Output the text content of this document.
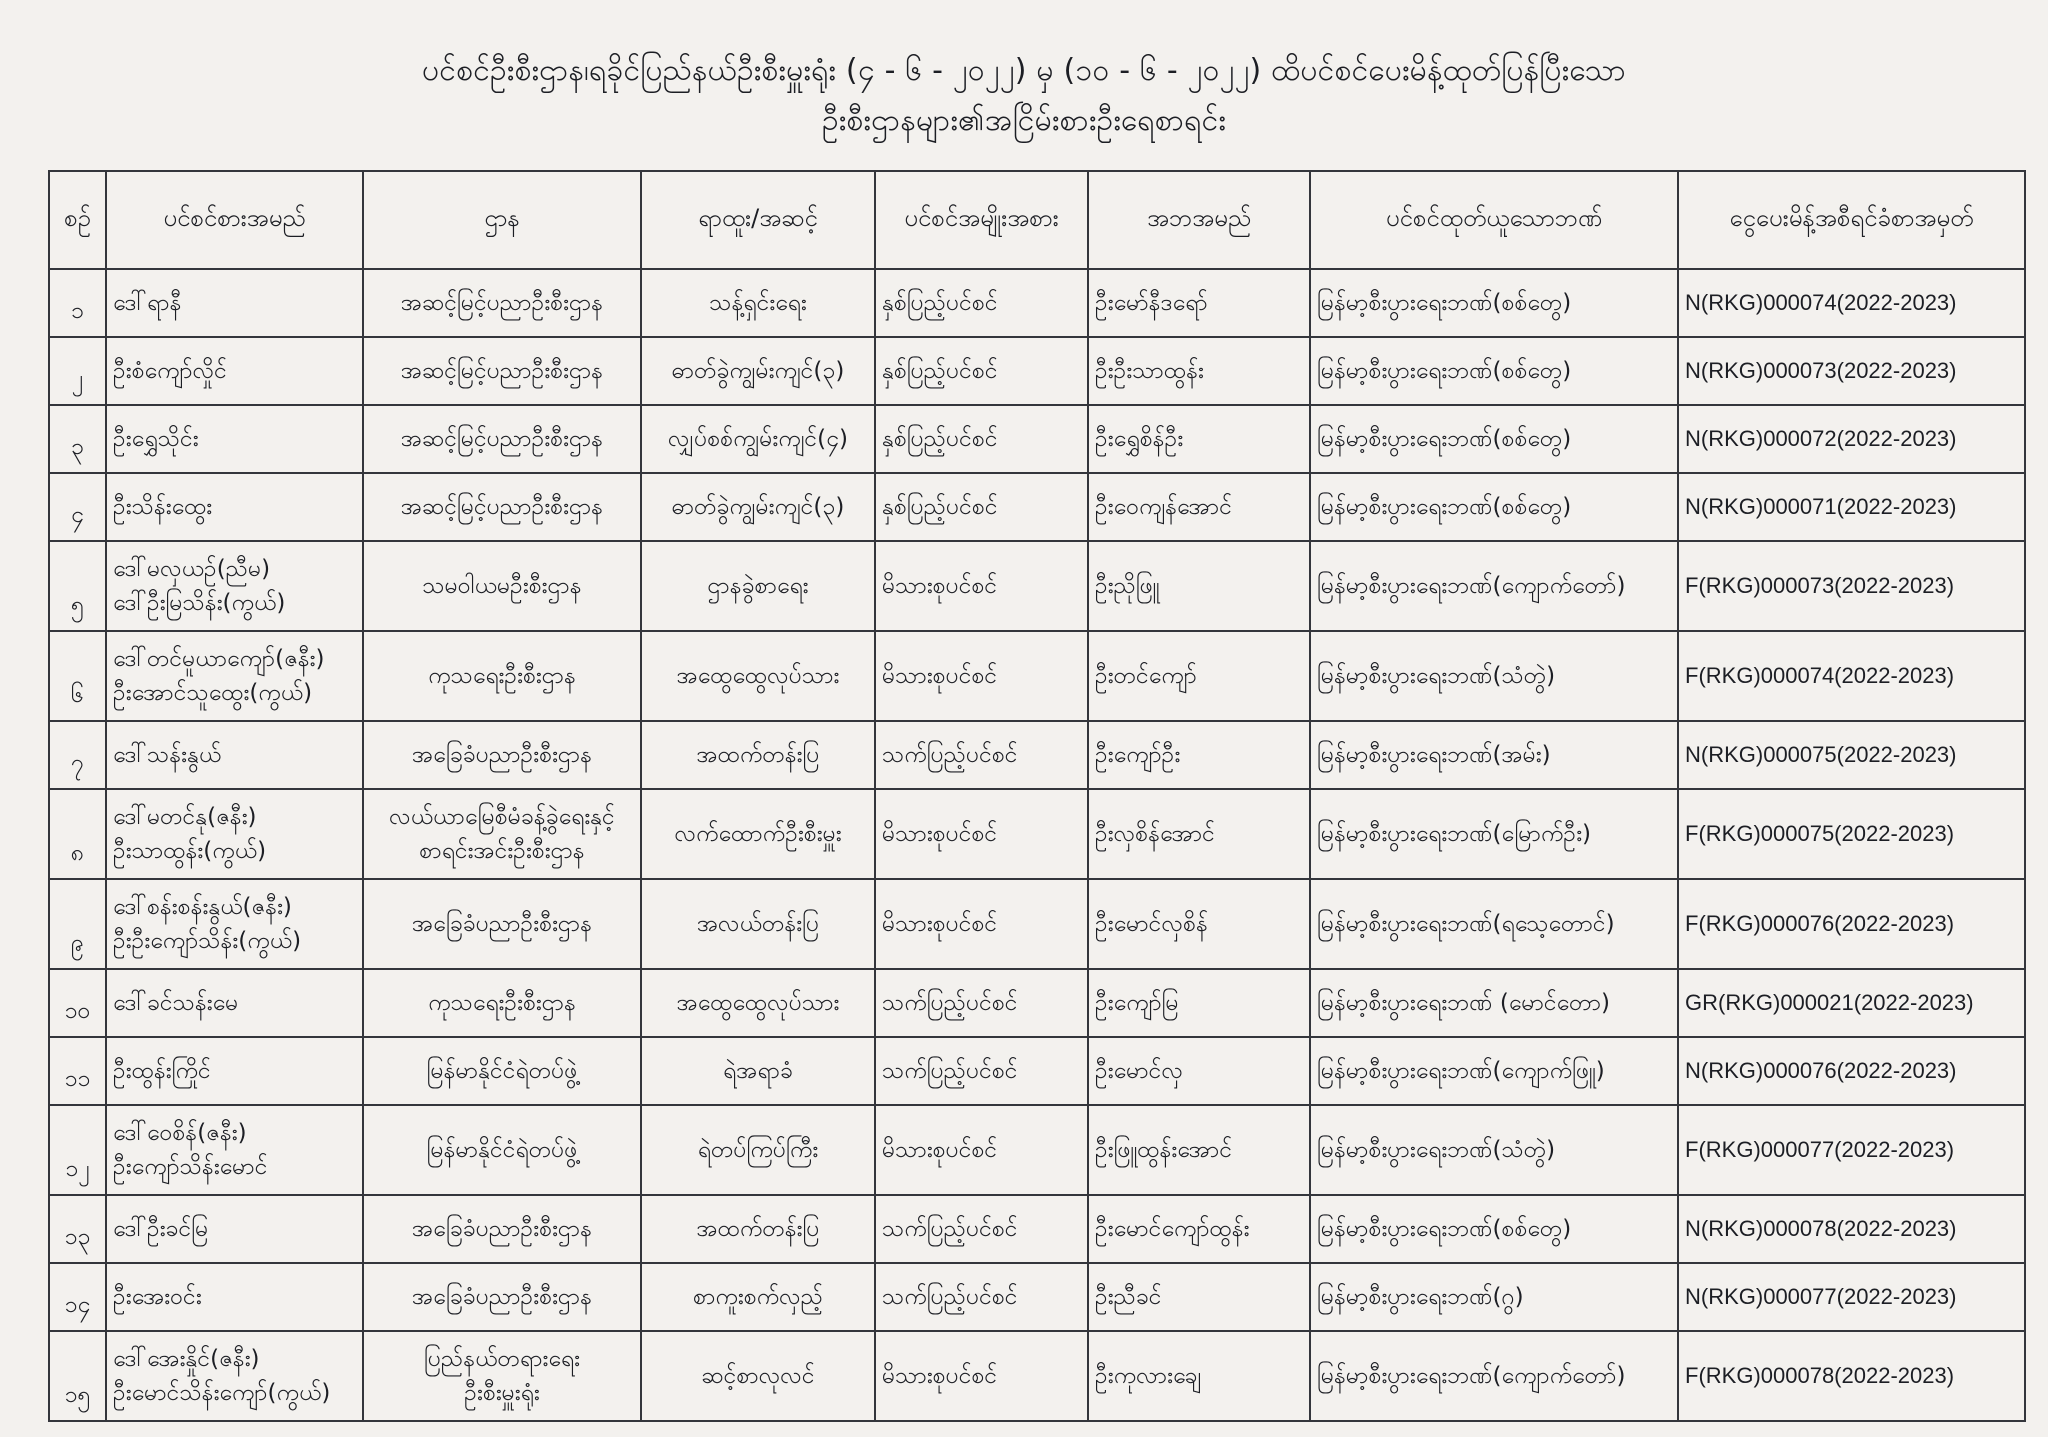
ပင်စင်ဦးစီးဌာန၊ရခိုင်ပြည်နယ်ဦးစီးမှူးရုံး (၄ - ၆ - ၂၀၂၂) မှ (၁၀ - ၆ - ၂၀၂၂) ထိပင်စင်ပေးမိန့်ထုတ်ပြန်ပြီးသော
ဦးစီးဌာနများ၏အငြိမ်းစားဦးရေစာရင်း
စဉ်	ပင်စင်စားအမည်	ဌာန	ရာထူး/အဆင့်	ပင်စင်အမျိုးအစား	အဘအမည်	ပင်စင်ထုတ်ယူသောဘဏ်	ငွေပေးမိန့်အစီရင်ခံစာအမှတ်

၁	ဒေါ်ရာနီ	အဆင့်မြင့်ပညာဦးစီးဌာန	သန့်ရှင်းရေး	နှစ်ပြည့်ပင်စင်	ဦးမော်နီဒရော်	မြန်မာ့စီးပွားရေးဘဏ်(စစ်တွေ)	N(RKG)000074(2022-2023)

၂	ဦးစံကျော်လှိုင်	အဆင့်မြင့်ပညာဦးစီးဌာန	ဓာတ်ခွဲကျွမ်းကျင်(၃)	နှစ်ပြည့်ပင်စင်	ဦးဦးသာထွန်း	မြန်မာ့စီးပွားရေးဘဏ်(စစ်တွေ)	N(RKG)000073(2022-2023)

၃	ဦးရွှေသိုင်း	အဆင့်မြင့်ပညာဦးစီးဌာန	လျှပ်စစ်ကျွမ်းကျင်(၄)	နှစ်ပြည့်ပင်စင်	ဦးရွှေစိန်ဦး	မြန်မာ့စီးပွားရေးဘဏ်(စစ်တွေ)	N(RKG)000072(2022-2023)

၄	ဦးသိန်းထွေး	အဆင့်မြင့်ပညာဦးစီးဌာန	ဓာတ်ခွဲကျွမ်းကျင်(၃)	နှစ်ပြည့်ပင်စင်	ဦးဝေကျန်အောင်	မြန်မာ့စီးပွားရေးဘဏ်(စစ်တွေ)	N(RKG)000071(2022-2023)

၅	ဒေါ်မလှယဉ်(ညီမ)
ဒေါ်ဦးမြသိန်း(ကွယ်)	သမဝါယမဦးစီးဌာန	ဌာနခွဲစာရေး	မိသားစုပင်စင်	ဦးညိုဖြူ	မြန်မာ့စီးပွားရေးဘဏ်(ကျောက်တော်)	F(RKG)000073(2022-2023)

၆	ဒေါ်တင်မူယာကျော်(ဇနီး)
ဦးအောင်သူထွေး(ကွယ်)	ကုသရေးဦးစီးဌာန	အထွေထွေလုပ်သား	မိသားစုပင်စင်	ဦးတင်ကျော်	မြန်မာ့စီးပွားရေးဘဏ်(သံတွဲ)	F(RKG)000074(2022-2023)

၇	ဒေါ်သန်းနွယ်	အခြေခံပညာဦးစီးဌာန	အထက်တန်းပြ	သက်ပြည့်ပင်စင်	ဦးကျော်ဦး	မြန်မာ့စီးပွားရေးဘဏ်(အမ်း)	N(RKG)000075(2022-2023)

၈	ဒေါ်မတင်နု(ဇနီး)
ဦးသာထွန်း(ကွယ်)	လယ်ယာမြေစီမံခန့်ခွဲရေးနှင့်
စာရင်းအင်းဦးစီးဌာန	လက်ထောက်ဦးစီးမှူး	မိသားစုပင်စင်	ဦးလှစိန်အောင်	မြန်မာ့စီးပွားရေးဘဏ်(မြောက်ဦး)	F(RKG)000075(2022-2023)

၉	ဒေါ်စန်းစန်းနွယ်(ဇနီး)
ဦးဦးကျော်သိန်း(ကွယ်)	အခြေခံပညာဦးစီးဌာန	အလယ်တန်းပြ	မိသားစုပင်စင်	ဦးမောင်လှစိန်	မြန်မာ့စီးပွားရေးဘဏ်(ရသေ့တောင်)	F(RKG)000076(2022-2023)

၁၀	ဒေါ်ခင်သန်းမေ	ကုသရေးဦးစီးဌာန	အထွေထွေလုပ်သား	သက်ပြည့်ပင်စင်	ဦးကျော်မြ	မြန်မာ့စီးပွားရေးဘဏ် (မောင်တော)	GR(RKG)000021(2022-2023)

၁၁	ဦးထွန်းကြိုင်	မြန်မာနိုင်ငံရဲတပ်ဖွဲ့	ရဲအရာခံ	သက်ပြည့်ပင်စင်	ဦးမောင်လှ	မြန်မာ့စီးပွားရေးဘဏ်(ကျောက်ဖြူ)	N(RKG)000076(2022-2023)

၁၂	ဒေါ်ဝေစိန်(ဇနီး)
ဦးကျော်သိန်းမောင်	မြန်မာနိုင်ငံရဲတပ်ဖွဲ့	ရဲတပ်ကြပ်ကြီး	မိသားစုပင်စင်	ဦးဖြူထွန်းအောင်	မြန်မာ့စီးပွားရေးဘဏ်(သံတွဲ)	F(RKG)000077(2022-2023)

၁၃	ဒေါ်ဦးခင်မြ	အခြေခံပညာဦးစီးဌာန	အထက်တန်းပြ	သက်ပြည့်ပင်စင်	ဦးမောင်ကျော်ထွန်း	မြန်မာ့စီးပွားရေးဘဏ်(စစ်တွေ)	N(RKG)000078(2022-2023)

၁၄	ဦးအေးဝင်း	အခြေခံပညာဦးစီးဌာန	စာကူးစက်လှည့်	သက်ပြည့်ပင်စင်	ဦးညီခင်	မြန်မာ့စီးပွားရေးဘဏ်(ဂွ)	N(RKG)000077(2022-2023)

၁၅	ဒေါ်အေးနှိုင်(ဇနီး)
ဦးမောင်သိန်းကျော်(ကွယ်)	ပြည်နယ်တရားရေး
ဦးစီးမှူးရုံး	ဆင့်စာလုလင်	မိသားစုပင်စင်	ဦးကုလားချေ	မြန်မာ့စီးပွားရေးဘဏ်(ကျောက်တော်)	F(RKG)000078(2022-2023)
